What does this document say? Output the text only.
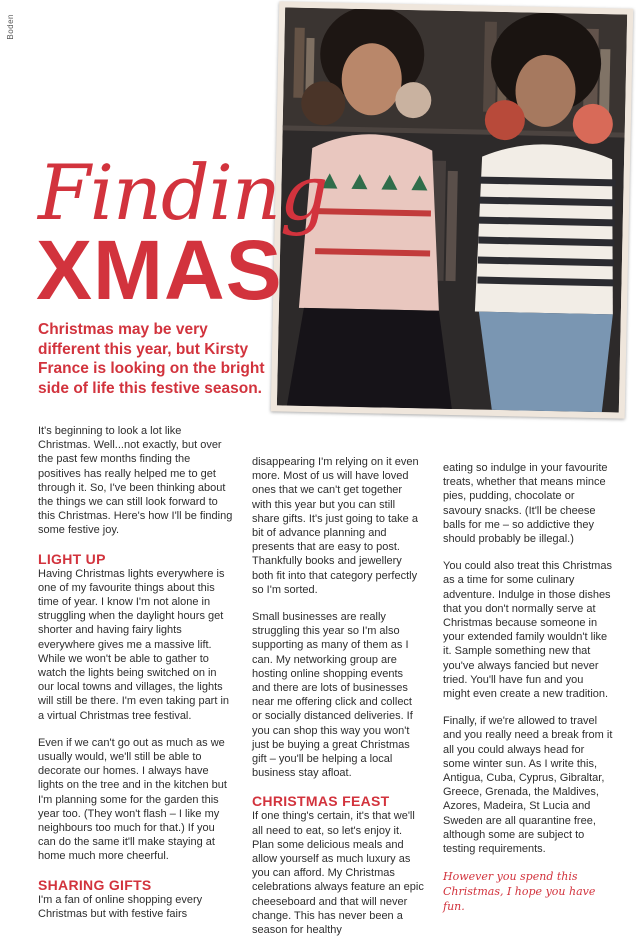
Boden
Finding
XMAS
Christmas may be very different this year, but Kirsty France is looking on the bright side of life this festive season.

It's beginning to look a lot like Christmas. Well...not exactly, but over the past few months finding the positives has really helped me to get through it. So, I've been thinking about the things we can still look forward to this Christmas. Here's how I'll be finding some festive joy.

LIGHT UP

Having Christmas lights everywhere is one of my favourite things about this time of year. I know I'm not alone in struggling when the daylight hours get shorter and having fairy lights everywhere gives me a massive lift. While we won't be able to gather to watch the lights being switched on in our local towns and villages, the lights will still be there. I'm even taking part in a virtual Christmas tree festival.

Even if we can't go out as much as we usually would, we'll still be able to decorate our homes. I always have lights on the tree and in the kitchen but I'm planning some for the garden this year too. (They won't flash – I like my neighbours too much for that.) If you can do the same it'll make staying at home much more cheerful.

SHARING GIFTS

I'm a fan of online shopping every Christmas but with festive fairs

disappearing I'm relying on it even more. Most of us will have loved ones that we can't get together with this year but you can still share gifts. It's just going to take a bit of advance planning and presents that are easy to post. Thankfully books and jewellery both fit into that category perfectly so I'm sorted.

Small businesses are really struggling this year so I'm also supporting as many of them as I can. My networking group are hosting online shopping events and there are lots of businesses near me offering click and collect or socially distanced deliveries. If you can shop this way you won't just be buying a great Christmas gift – you'll be helping a local business stay afloat.

CHRISTMAS FEAST

If one thing's certain, it's that we'll all need to eat, so let's enjoy it. Plan some delicious meals and allow yourself as much luxury as you can afford. My Christmas celebrations always feature an epic cheeseboard and that will never change. This has never been a season for healthy

eating so indulge in your favourite treats, whether that means mince pies, pudding, chocolate or savoury snacks. (It'll be cheese balls for me – so addictive they should probably be illegal.)

You could also treat this Christmas as a time for some culinary adventure. Indulge in those dishes that you don't normally serve at Christmas because someone in your extended family wouldn't like it. Sample something new that you've always fancied but never tried. You'll have fun and you might even create a new tradition.

Finally, if we're allowed to travel and you really need a break from it all you could always head for some winter sun. As I write this, Antigua, Cuba, Cyprus, Gibraltar, Greece, Grenada, the Maldives, Azores, Madeira, St Lucia and Sweden are all quarantine free, although some are subject to testing requirements.

However you spend this Christmas, I hope you have fun.
